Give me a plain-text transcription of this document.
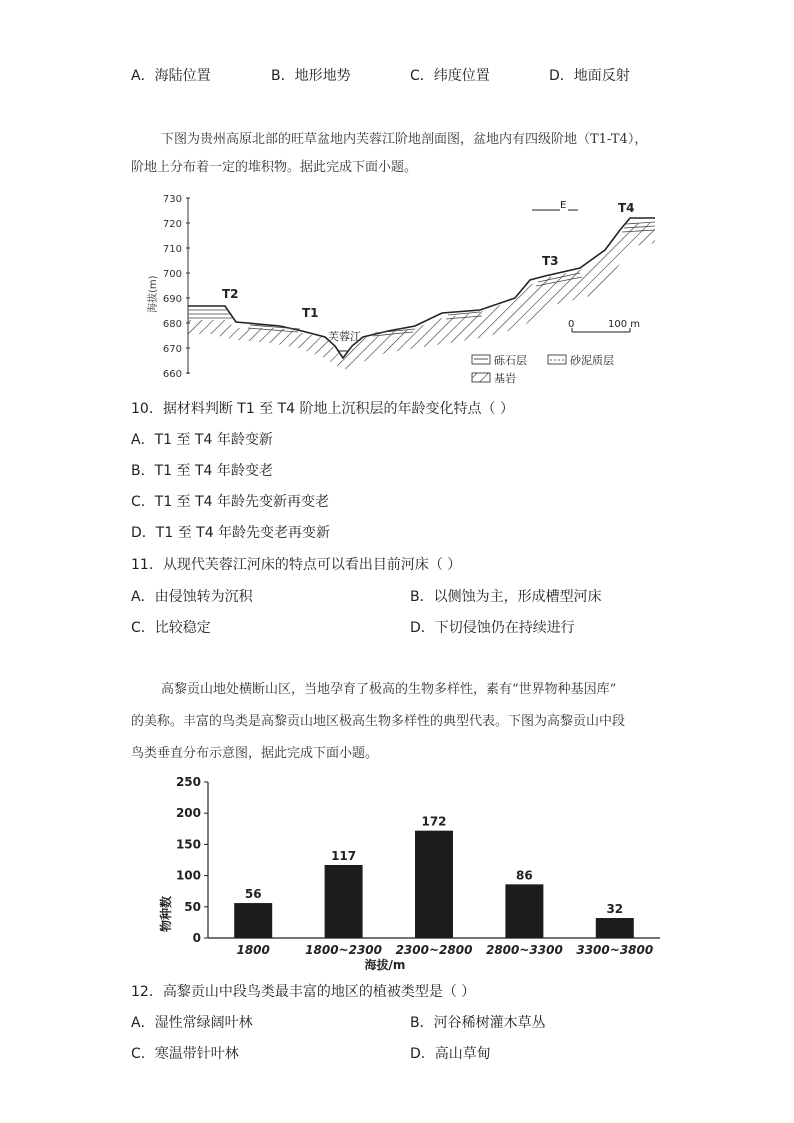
A．海陆位置	B．地形地势	C．纬度位置	D．地面反射
下图为贵州高原北部的旺草盆地内芙蓉江阶地剖面图，盆地内有四级阶地（T1-T4），
阶地上分布着一定的堆积物。据此完成下面小题。
730
720
710
700
690
680
670
660
海拔(m)	T2
T1
T3
T4
芙蓉江
E
0	100 m
砾石层	砂泥质层
基岩
10．据材料判断 T1 至 T4 阶地上沉积层的年龄变化特点（ ）
A．T1 至 T4 年龄变新
B．T1 至 T4 年龄变老
C．T1 至 T4 年龄先变新再变老
D．T1 至 T4 年龄先变老再变新
11．从现代芙蓉江河床的特点可以看出目前河床（ ）
A．由侵蚀转为沉积	B．以侧蚀为主，形成槽型河床
C．比较稳定	D．下切侵蚀仍在持续进行
高黎贡山地处横断山区，当地孕育了极高的生物多样性，素有“世界物种基因库”
的美称。丰富的鸟类是高黎贡山地区极高生物多样性的典型代表。下图为高黎贡山中段
鸟类垂直分布示意图，据此完成下面小题。
0
50
100
150
200
250
56
117
172
86
32
1800	1800~2300 2300~2800 2800~3300 3300~3800
物种数
海拔/m
12．高黎贡山中段鸟类最丰富的地区的植被类型是（ ）
A．湿性常绿阔叶林	B．河谷稀树灌木草丛
C．寒温带针叶林	D．高山草甸
